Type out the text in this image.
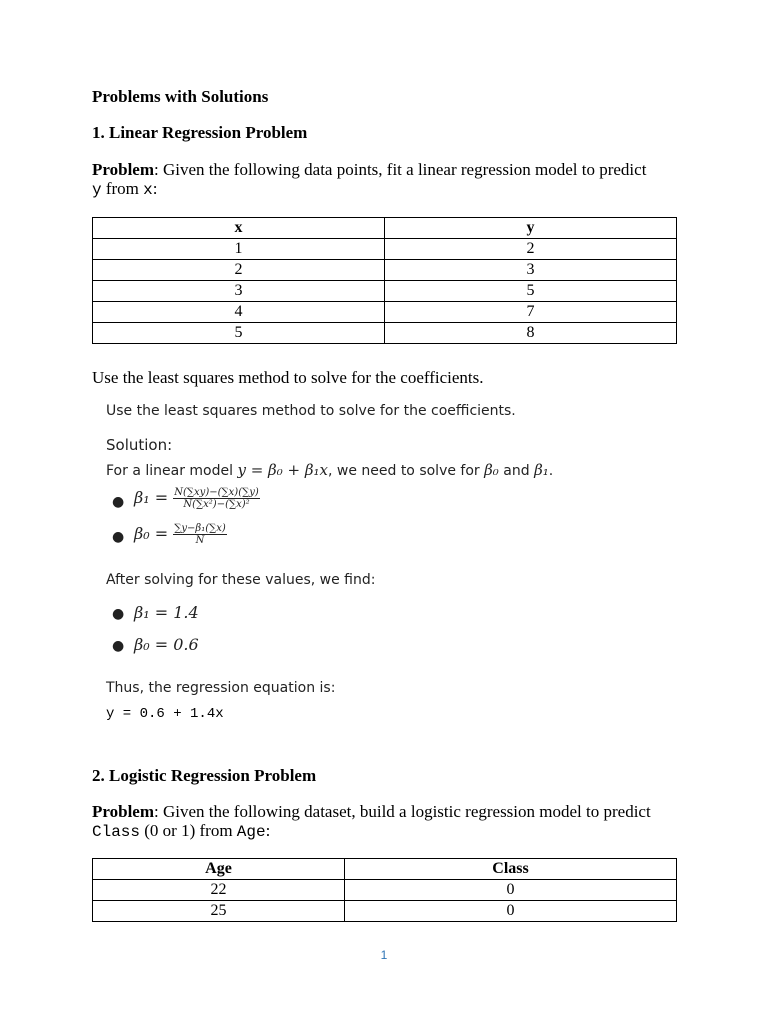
Problems with Solutions
1. Linear Regression Problem
Problem: Given the following data points, fit a linear regression model to predict y from x:
x	y
1	2
2	3
3	5
4	7
5	8
Use the least squares method to solve for the coefficients.
Use the least squares method to solve for the coefficients.
Solution:
For a linear model y = β₀ + β₁x, we need to solve for β₀ and β₁.
● $\beta_1 = \frac{N(\sum xy)-(\sum x)(\sum y)}{\text{N(∑x²)−(∑x)²}}$
● $\beta_0 = \frac{\text{∑y−β₁(∑x)}}{N}$
After solving for these values, we find:
● β₁ = 1.4
● β₀ = 0.6
Thus, the regression equation is:
y = 0.6 + 1.4x
2. Logistic Regression Problem
Problem: Given the following dataset, build a logistic regression model to predict Class (0 or 1) from Age:
Age	Class
22	0
25	0
1
